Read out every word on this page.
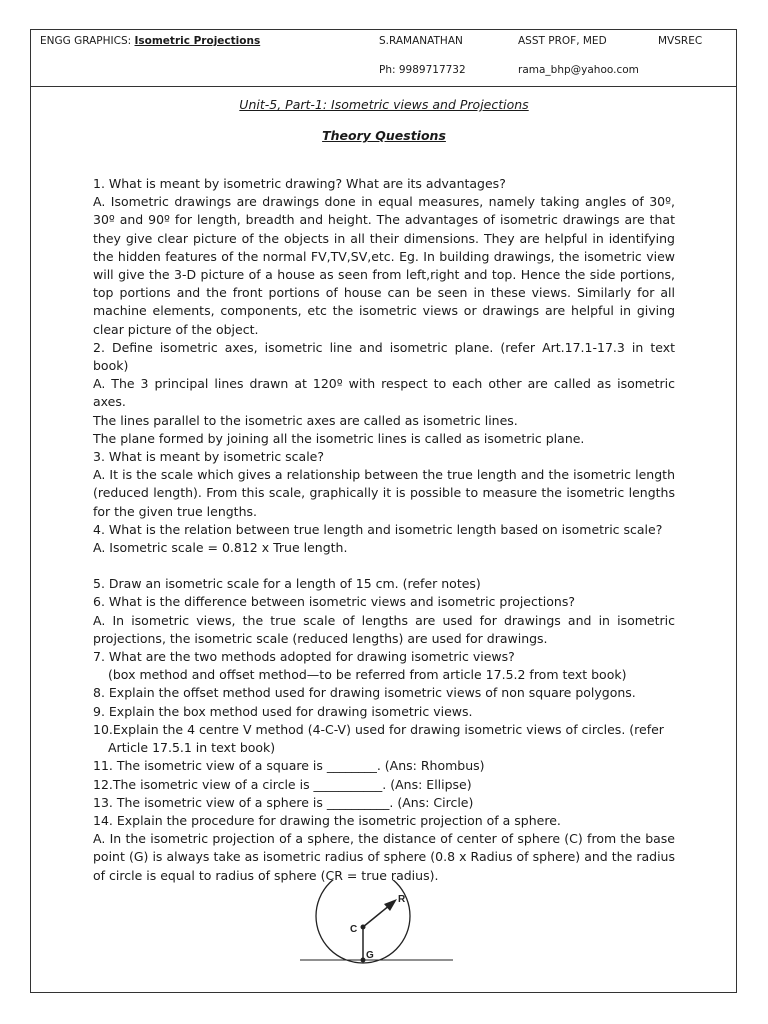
ENGG GRAPHICS: Isometric Projections	S.RAMANATHAN	ASST PROF, MED	MVSREC
Ph: 9989717732	rama_bhp@yahoo.com
Unit-5, Part-1: Isometric views and Projections
Theory Questions

1. What is meant by isometric drawing? What are its advantages?

A. Isometric drawings are drawings done in equal measures, namely taking angles of 30º, 30º and 90º for length, breadth and height. The advantages of isometric drawings are that they give clear picture of the objects in all their dimensions. They are helpful in identifying the hidden features of the normal FV,TV,SV,etc. Eg. In building drawings, the isometric view will give the 3-D picture of a house as seen from left,right and top. Hence the side portions, top portions and the front portions of house can be seen in these views. Similarly for all machine elements, components, etc the isometric views or drawings are helpful in giving clear picture of the object.

2. Define isometric axes, isometric line and isometric plane. (refer Art.17.1-17.3 in text book)

A. The 3 principal lines drawn at 120º with respect to each other are called as isometric axes.

The lines parallel to the isometric axes are called as isometric lines.

The plane formed by joining all the isometric lines is called as isometric plane.

3. What is meant by isometric scale?

A. It is the scale which gives a relationship between the true length and the isometric length (reduced length). From this scale, graphically it is possible to measure the isometric lengths for the given true lengths.

4. What is the relation between true length and isometric length based on isometric scale?

A. Isometric scale = 0.812 x True length.

5. Draw an isometric scale for a length of 15 cm. (refer notes)

6. What is the difference between isometric views and isometric projections?

A. In isometric views, the true scale of lengths are used for drawings and in isometric projections, the isometric scale (reduced lengths) are used for drawings.

7. What are the two methods adopted for drawing isometric views?

(box method and offset method—to be referred from article 17.5.2 from text book)

8. Explain the offset method used for drawing isometric views of non square polygons.

9. Explain the box method used for drawing isometric views.

10.Explain the 4 centre V method (4-C-V) used for drawing isometric views of circles. (refer

Article 17.5.1 in text book)

11. The isometric view of a square is ________. (Ans: Rhombus)

12.The isometric view of a circle is ___________. (Ans: Ellipse)

13. The isometric view of a sphere is __________. (Ans: Circle)

14. Explain the procedure for drawing the isometric projection of a sphere.

A. In the isometric projection of a sphere, the distance of center of sphere (C) from the base point (G) is always take as isometric radius of sphere (0.8 x Radius of sphere) and the radius of circle is equal to radius of sphere (CR = true radius).

R
C
G
